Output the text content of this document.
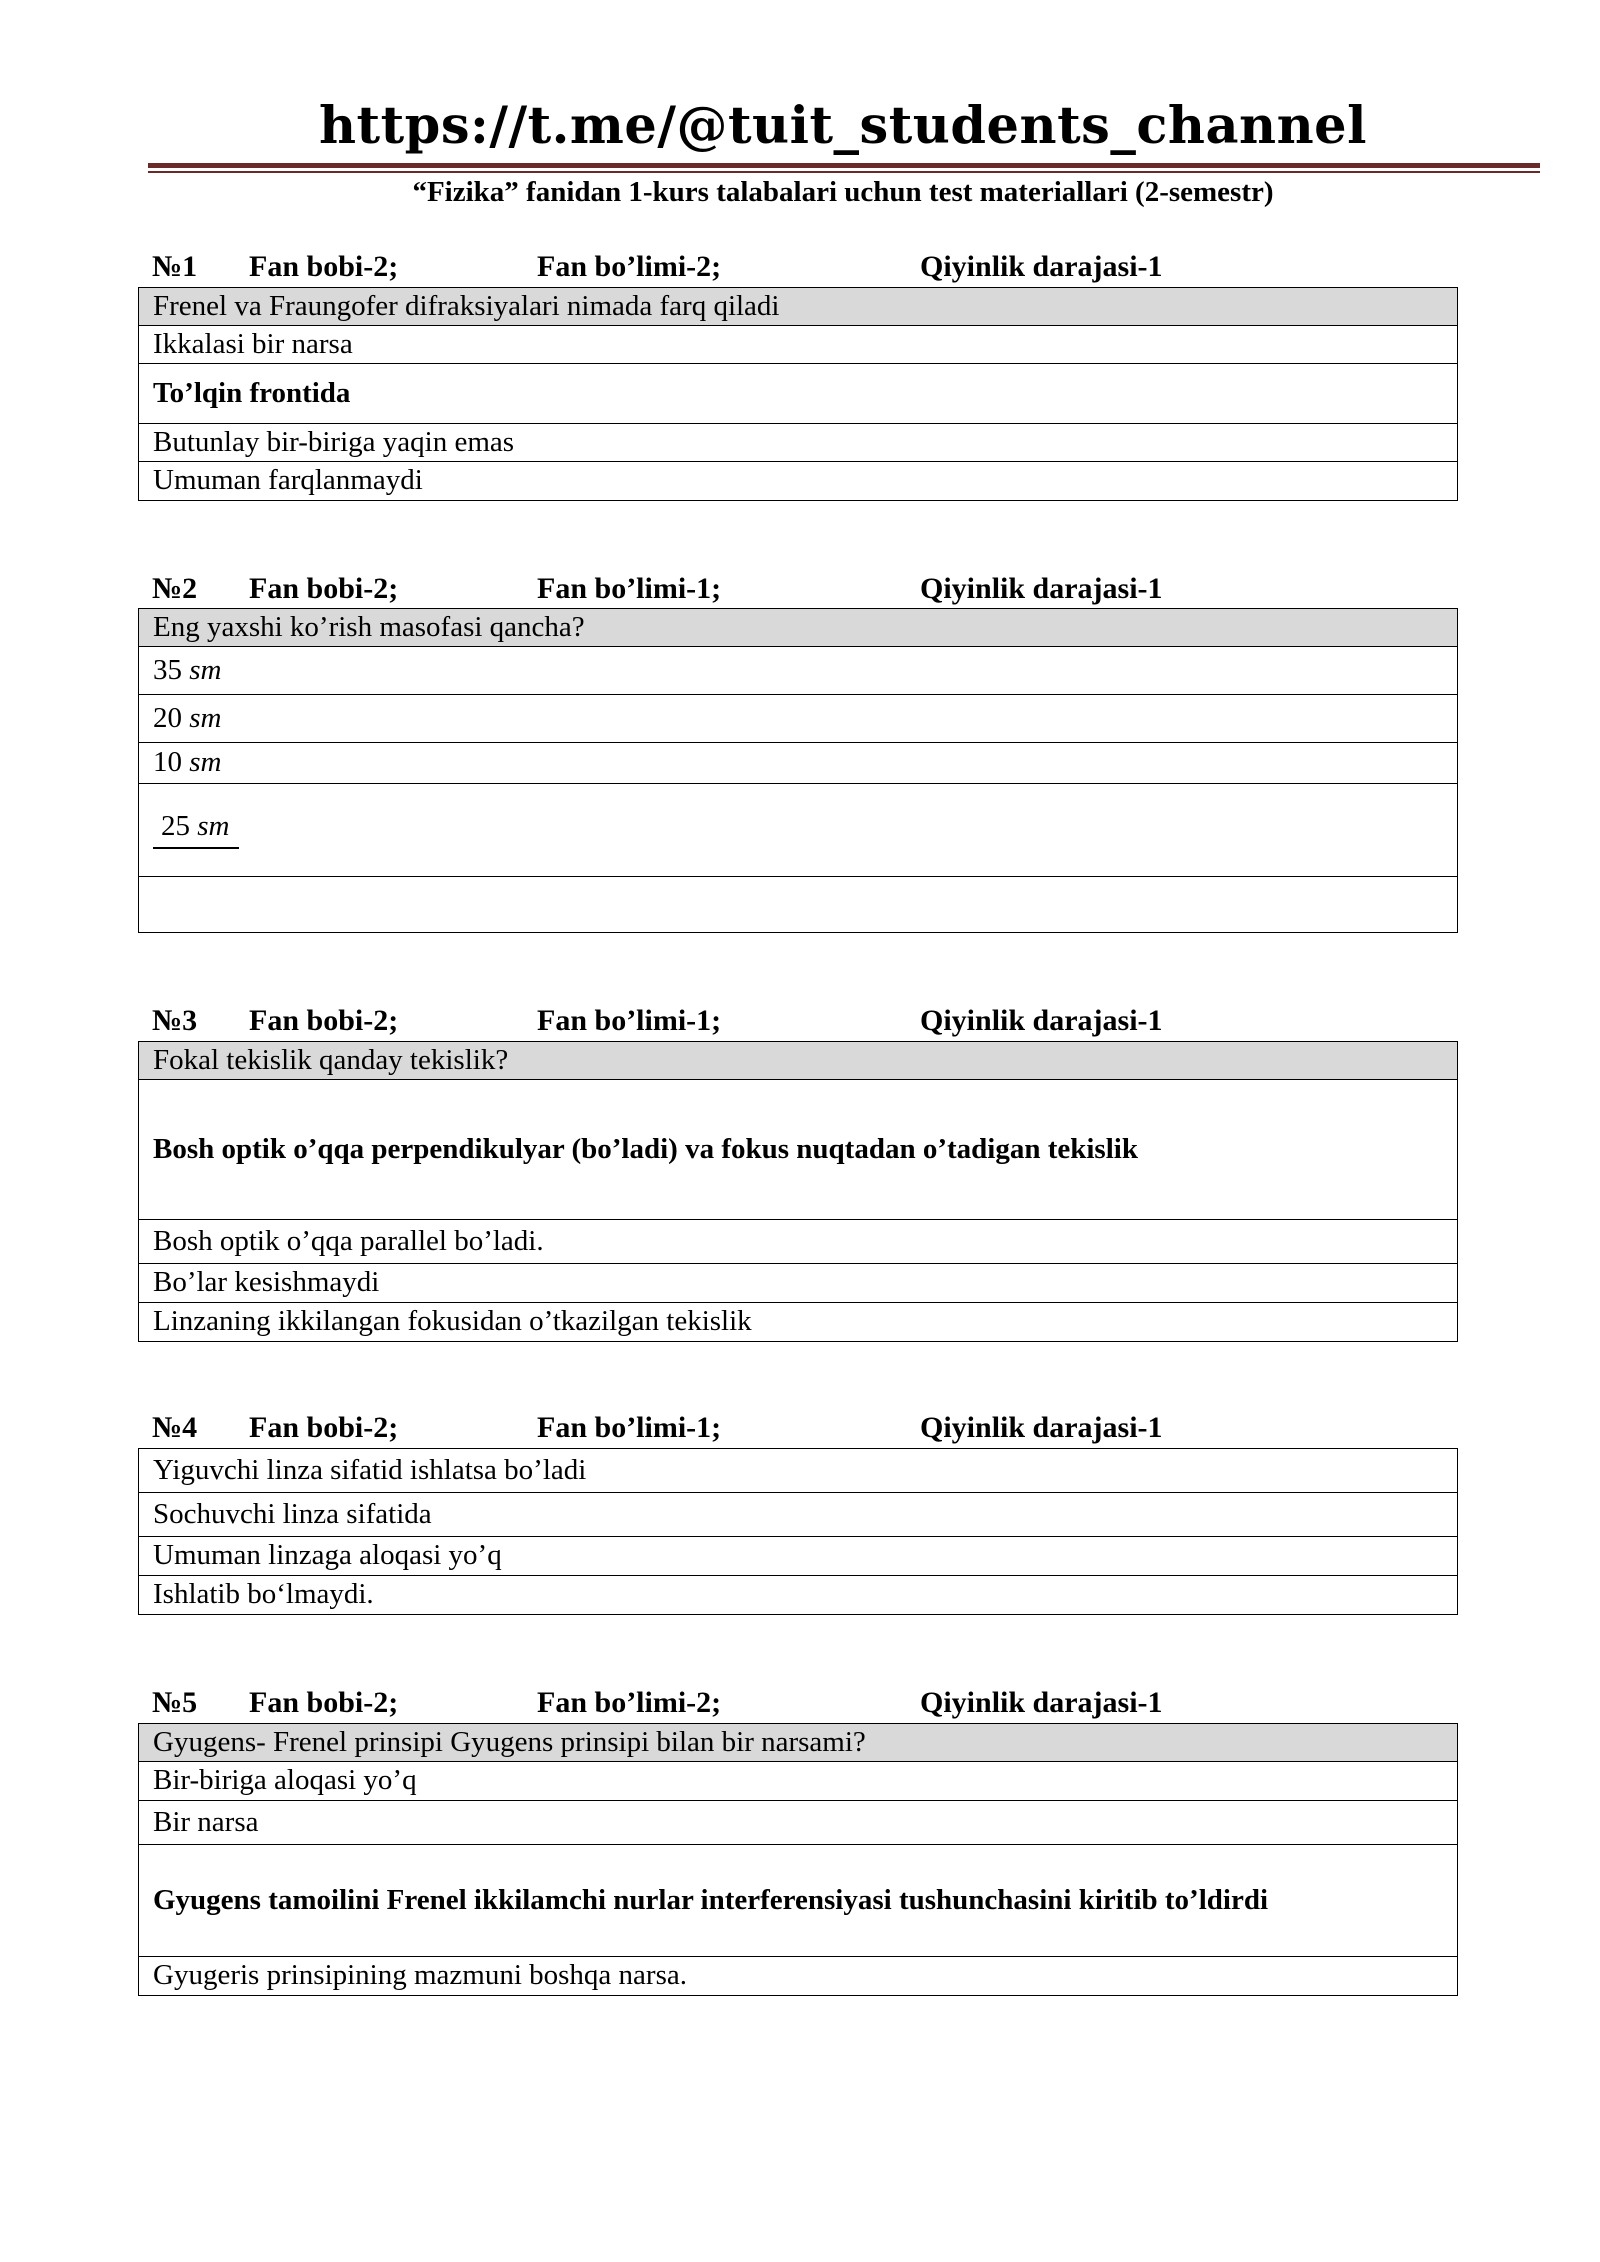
https://t.me/@tuit_students_channel
“Fizika” fanidan 1-kurs talabalari uchun test materiallari (2-semestr)
№1 Fan bobi-2;	Fan bo’limi-2;	Qiyinlik darajasi-1
Frenel va Fraungofer difraksiyalari nimada farq qiladi
Ikkalasi bir narsa
To’lqin frontida
Butunlay bir-biriga yaqin emas
Umuman farqlanmaydi
№2 Fan bobi-2;	Fan bo’limi-1;	Qiyinlik darajasi-1
Eng yaxshi ko’rish masofasi qancha?
35 sm
20 sm
10 sm
25 sm

№3 Fan bobi-2;	Fan bo’limi-1;	Qiyinlik darajasi-1
Fokal tekislik qanday tekislik?
Bosh optik o’qqa perpendikulyar (bo’ladi) va fokus nuqtadan o’tadigan tekislik
Bosh optik o’qqa parallel bo’ladi.
Bo’lar kesishmaydi
Linzaning ikkilangan fokusidan o’tkazilgan tekislik
№4 Fan bobi-2;	Fan bo’limi-1;	Qiyinlik darajasi-1
Yiguvchi linza sifatid ishlatsa bo’ladi
Sochuvchi linza sifatida
Umuman linzaga aloqasi yo’q
Ishlatib bo‘lmaydi.
№5 Fan bobi-2;	Fan bo’limi-2;	Qiyinlik darajasi-1
Gyugens- Frenel prinsipi Gyugens prinsipi bilan bir narsami?
Bir-biriga aloqasi yo’q
Bir narsa
Gyugens tamoilini Frenel ikkilamchi nurlar interferensiyasi tushunchasini kiritib to’ldirdi
Gyugeris prinsipining mazmuni boshqa narsa.
